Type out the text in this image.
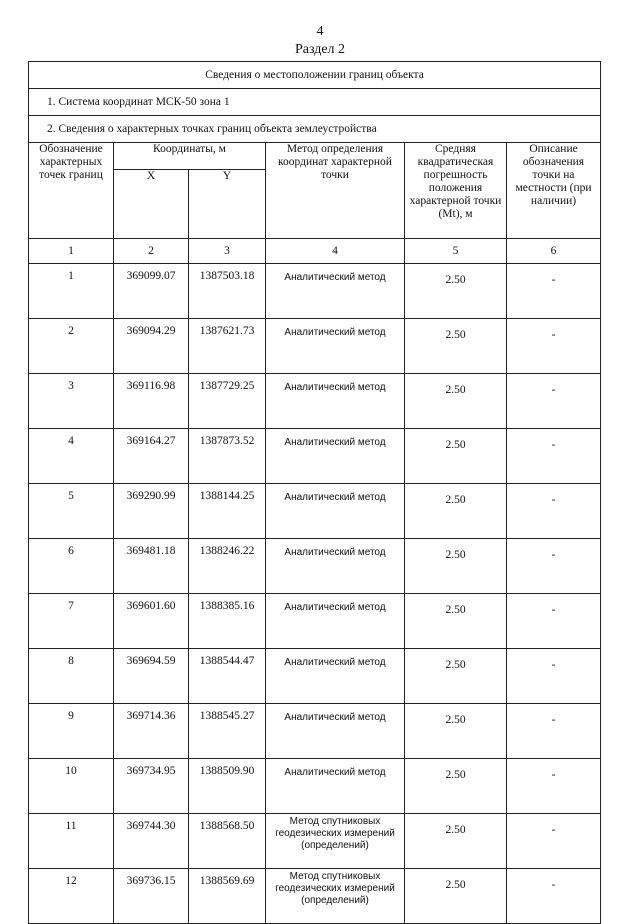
4
Раздел 2
Сведения о местоположении границ объекта					
1. Система координат МСК-50 зона 1					
2. Сведения о характерных точках границ объекта землеустройства					
Обозначение характерных точек границ	Координаты, м		Метод определения координат характерной точки	Средняя квадратическая погрешность положения характерной точки (Mt), м	Описание обозначения точки на местности (при наличии)
	X	Y			
1	2	3	4	5	6
1	369099.07	1387503.18	Аналитический метод	2.50	-
2	369094.29	1387621.73	Аналитический метод	2.50	-
3	369116.98	1387729.25	Аналитический метод	2.50	-
4	369164.27	1387873.52	Аналитический метод	2.50	-
5	369290.99	1388144.25	Аналитический метод	2.50	-
6	369481.18	1388246.22	Аналитический метод	2.50	-
7	369601.60	1388385.16	Аналитический метод	2.50	-
8	369694.59	1388544.47	Аналитический метод	2.50	-
9	369714.36	1388545.27	Аналитический метод	2.50	-
10	369734.95	1388509.90	Аналитический метод	2.50	-
11	369744.30	1388568.50	Метод спутниковых геодезических измерений (определений)	2.50	-
12	369736.15	1388569.69	Метод спутниковых геодезических измерений (определений)	2.50	-
